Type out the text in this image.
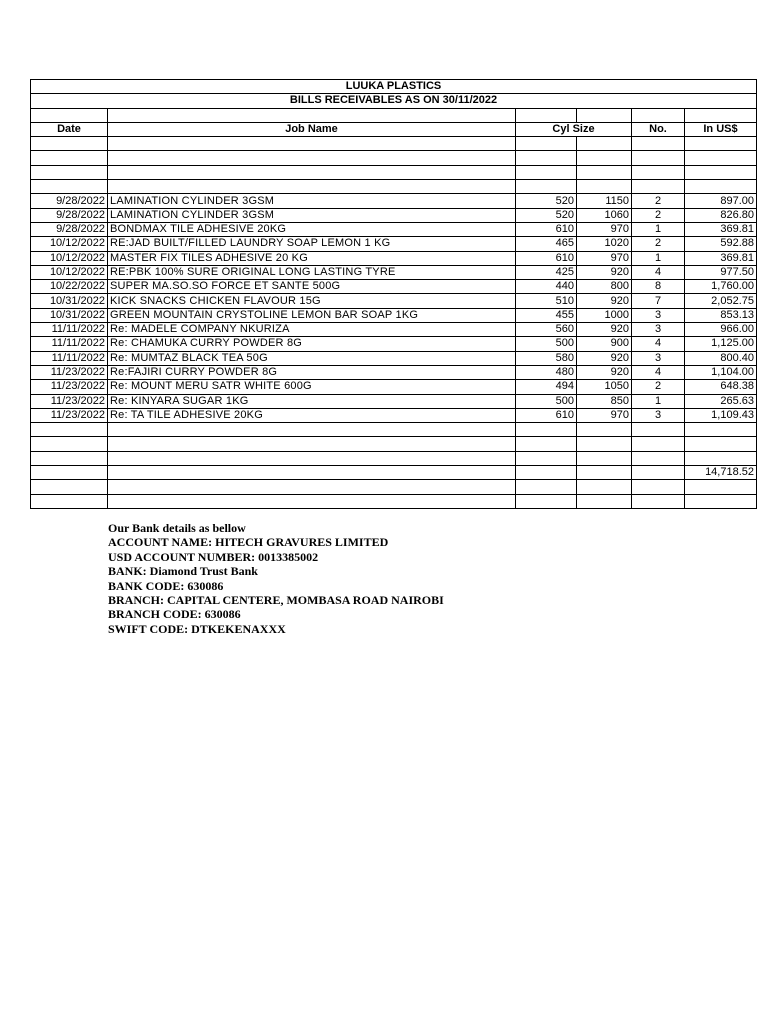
LUUKA PLASTICS					
BILLS RECEIVABLES AS ON 30/11/2022					

Date	Job Name	Cyl Size		No.	In US$

9/28/2022	LAMINATION CYLINDER 3GSM	520	1150	2	897.00
9/28/2022	LAMINATION CYLINDER 3GSM	520	1060	2	826.80
9/28/2022	BONDMAX TILE ADHESIVE 20KG	610	970	1	369.81
10/12/2022	RE:JAD BUILT/FILLED LAUNDRY SOAP LEMON 1 KG	465	1020	2	592.88
10/12/2022	MASTER FIX TILES ADHESIVE 20 KG	610	970	1	369.81
10/12/2022	RE:PBK 100% SURE ORIGINAL LONG LASTING TYRE	425	920	4	977.50
10/22/2022	SUPER MA.SO.SO FORCE ET SANTE 500G	440	800	8	1,760.00
10/31/2022	KICK SNACKS CHICKEN FLAVOUR 15G	510	920	7	2,052.75
10/31/2022	GREEN MOUNTAIN CRYSTOLINE LEMON BAR SOAP 1KG	455	1000	3	853.13
11/11/2022	Re: MADELE COMPANY NKURIZA	560	920	3	966.00
11/11/2022	Re: CHAMUKA CURRY POWDER 8G	500	900	4	1,125.00
11/11/2022	Re: MUMTAZ BLACK TEA 50G	580	920	3	800.40
11/23/2022	Re:FAJIRI CURRY POWDER 8G	480	920	4	1,104.00
11/23/2022	Re: MOUNT MERU SATR WHITE 600G	494	1050	2	648.38
11/23/2022	Re: KINYARA SUGAR 1KG	500	850	1	265.63
11/23/2022	Re: TA TILE ADHESIVE 20KG	610	970	3	1,109.43

					14,718.52

Our Bank details as bellow
ACCOUNT NAME: HITECH GRAVURES LIMITED
USD ACCOUNT NUMBER: 0013385002
BANK: Diamond Trust Bank
BANK CODE: 630086
BRANCH: CAPITAL CENTERE, MOMBASA ROAD NAIROBI
BRANCH CODE: 630086
SWIFT CODE: DTKEKENAXXX
